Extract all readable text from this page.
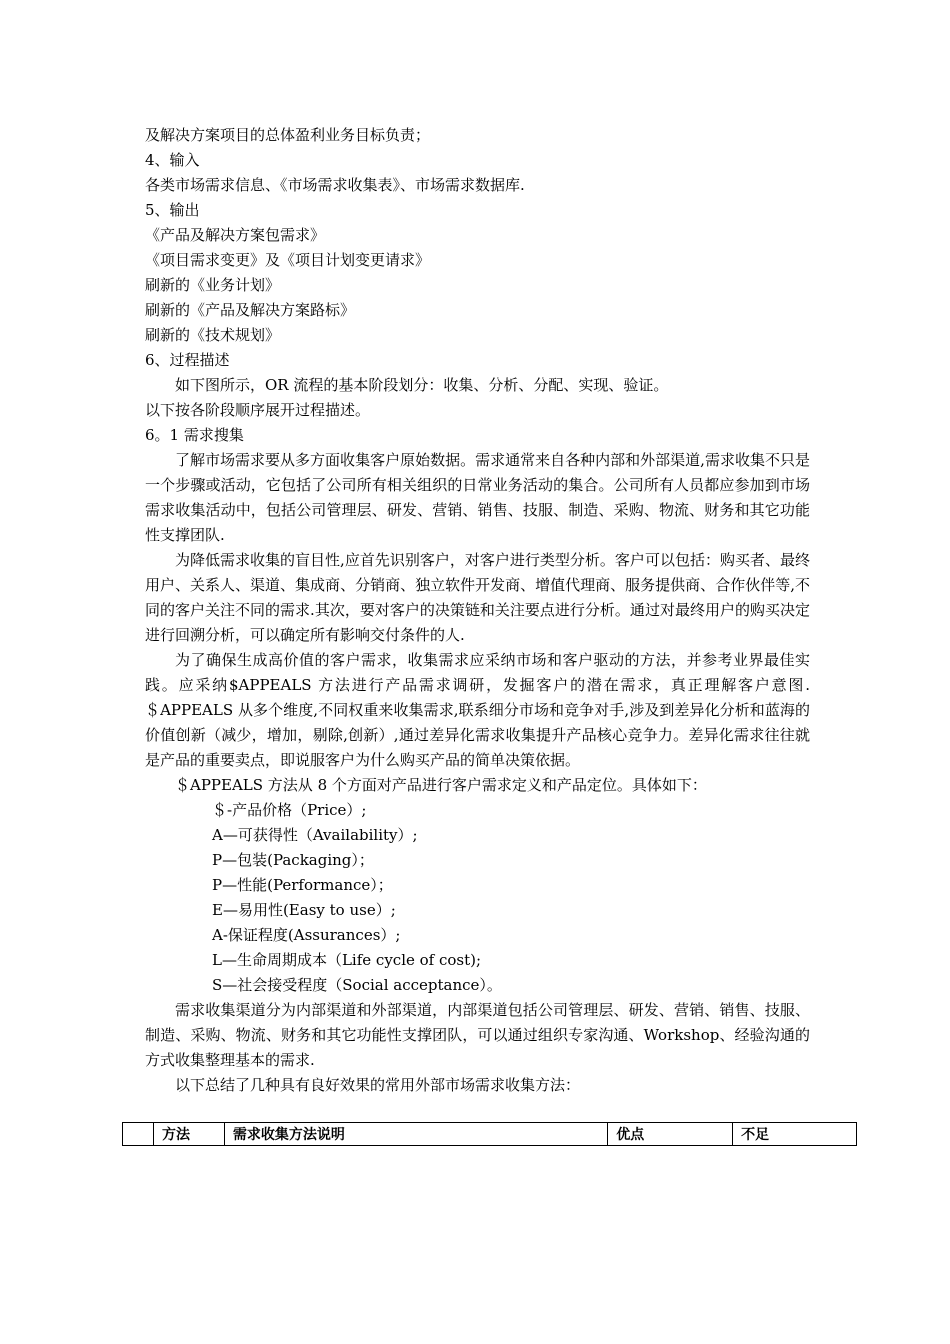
及解决方案项目的总体盈利业务目标负责；
4、输入
各类市场需求信息、《市场需求收集表》、市场需求数据库.
5、输出
《产品及解决方案包需求》
《项目需求变更》及《项目计划变更请求》
刷新的《业务计划》
刷新的《产品及解决方案路标》
刷新的《技术规划》
6、过程描述
如下图所示，OR 流程的基本阶段划分：收集、分析、分配、实现、验证。
以下按各阶段顺序展开过程描述。
6。1 需求搜集

了解市场需求要从多方面收集客户原始数据。需求通常来自各种内部和外部渠道,需求收集不只是一个步骤或活动，它包括了公司所有相关组织的日常业务活动的集合。公司所有人员都应参加到市场需求收集活动中，包括公司管理层、研发、营销、销售、技服、制造、采购、物流、财务和其它功能性支撑团队.

为降低需求收集的盲目性,应首先识别客户，对客户进行类型分析。客户可以包括：购买者、最终用户、关系人、渠道、集成商、分销商、独立软件开发商、增值代理商、服务提供商、合作伙伴等,不同的客户关注不同的需求.其次，要对客户的决策链和关注要点进行分析。通过对最终用户的购买决定进行回溯分析，可以确定所有影响交付条件的人.

为了确保生成高价值的客户需求，收集需求应采纳市场和客户驱动的方法，并参考业界最佳实践。应采纳$APPEALS 方法进行产品需求调研，发掘客户的潜在需求，真正理解客户意图.＄APPEALS 从多个维度,不同权重来收集需求,联系细分市场和竞争对手,涉及到差异化分析和蓝海的价值创新（减少，增加，剔除,创新）,通过差异化需求收集提升产品核心竞争力。差异化需求往往就是产品的重要卖点，即说服客户为什么购买产品的简单决策依据。

＄APPEALS 方法从 8 个方面对产品进行客户需求定义和产品定位。具体如下：
＄-产品价格（Price）;
A—可获得性（Availability）;
P—包装(Packaging）；
P—性能(Performance）；
E—易用性(Easy to use）;
A-保证程度(Assurances）;
L—生命周期成本（Life cycle of cost);
S—社会接受程度（Social acceptance）。

需求收集渠道分为内部渠道和外部渠道，内部渠道包括公司管理层、研发、营销、销售、技服、制造、采购、物流、财务和其它功能性支撑团队，可以通过组织专家沟通、Workshop、经验沟通的方式收集整理基本的需求.

以下总结了几种具有良好效果的常用外部市场需求收集方法：
	方法	需求收集方法说明	优点	不足
